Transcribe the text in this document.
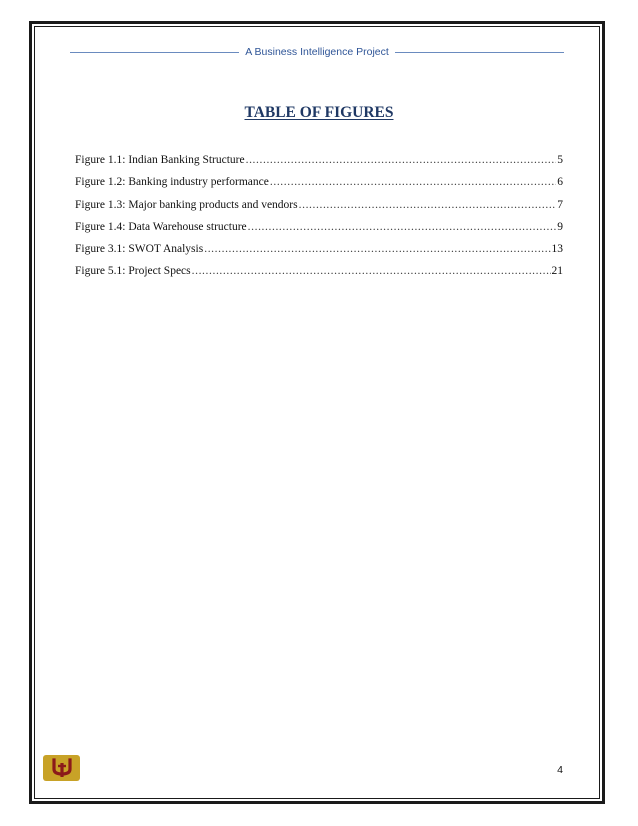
A Business Intelligence Project
TABLE OF FIGURES
Figure 1.1: Indian Banking Structure .....	5
Figure 1.2: Banking industry performance .....	6
Figure 1.3: Major banking products and vendors .....	7
Figure 1.4: Data Warehouse structure .....	9
Figure 3.1: SWOT Analysis .....	13
Figure 5.1: Project Specs .....	21
4
